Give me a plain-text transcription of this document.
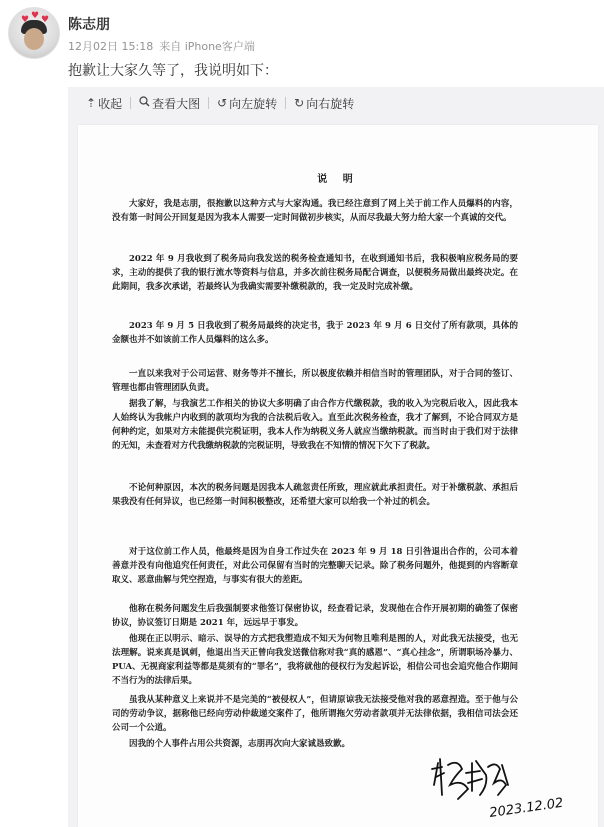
♥ ♥ ♥ 陈志朋
12月02日 15:18 来自 iPhone客户端
抱歉让大家久等了，我说明如下：
⇡ 收起	查看大图 ↺ 向左旋转 ↻ 向右旋转
说 明

大家好，我是志朋，很抱歉以这种方式与大家沟通。我已经注意到了网上关于前工作人员爆料的内容，没有第一时间公开回复是因为我本人需要一定时间做初步核实，从而尽我最大努力给大家一个真诚的交代。

2022 年 9 月我收到了税务局向我发送的税务检查通知书，在收到通知书后，我积极响应税务局的要求，主动的提供了我的银行流水等资料与信息，并多次前往税务局配合调查，以便税务局做出最终决定。在此期间，我多次承诺，若最终认为我确实需要补缴税款的，我一定及时完成补缴。

2023 年 9 月 5 日我收到了税务局最终的决定书，我于 2023 年 9 月 6 日交付了所有款项，具体的金额也并不如该前工作人员爆料的这么多。

一直以来我对于公司运营、财务等并不擅长，所以极度依赖并相信当时的管理团队，对于合同的签订、管理也都由管理团队负责。

据我了解，与我演艺工作相关的协议大多明确了由合作方代缴税款，我的收入为完税后收入，因此我本人始终认为我帐户内收到的款项均为我的合法税后收入。直至此次税务检查，我才了解到，不论合同双方是何种约定，如果对方未能提供完税证明，我本人作为纳税义务人就应当缴纳税款。而当时由于我们对于法律的无知，未查看对方代我缴纳税款的完税证明，导致我在不知情的情况下欠下了税款。

不论何种原因，本次的税务问题是因我本人疏忽责任所致，理应就此承担责任。对于补缴税款、承担后果我没有任何异议，也已经第一时间积极整改，还希望大家可以给我一个补过的机会。

对于这位前工作人员，他最终是因为自身工作过失在 2023 年 9 月 18 日引咎退出合作的，公司本着善意并没有向他追究任何责任，对此公司保留有当时的完整聊天记录。除了税务问题外，他提到的内容断章取义、恶意曲解与凭空捏造，与事实有很大的差距。

他称在税务问题发生后我强制要求他签订保密协议，经查看记录，发现他在合作开展初期的确签了保密协议，协议签订日期是 2021 年，远远早于事发。

他现在正以明示、暗示、误导的方式把我塑造成不知天为何物且唯利是图的人，对此我无法接受，也无法理解。说来真是讽刺，他退出当天正曾向我发送微信称对我“真的感恩”、“真心挂念”，所谓职场冷暴力、PUA、无视商家利益等都是莫须有的“罪名”，我将就他的侵权行为发起诉讼，相信公司也会追究他合作期间不当行为的法律后果。

虽我从某种意义上来说并不是完美的“被侵权人”，但请原谅我无法接受他对我的恶意捏造。至于他与公司的劳动争议，据称他已经向劳动仲裁递交案件了，他所谓拖欠劳动者款项并无法律依据，我相信司法会还公司一个公道。

因我的个人事件占用公共资源，志朋再次向大家诚恳致歉。

2023.12.02
